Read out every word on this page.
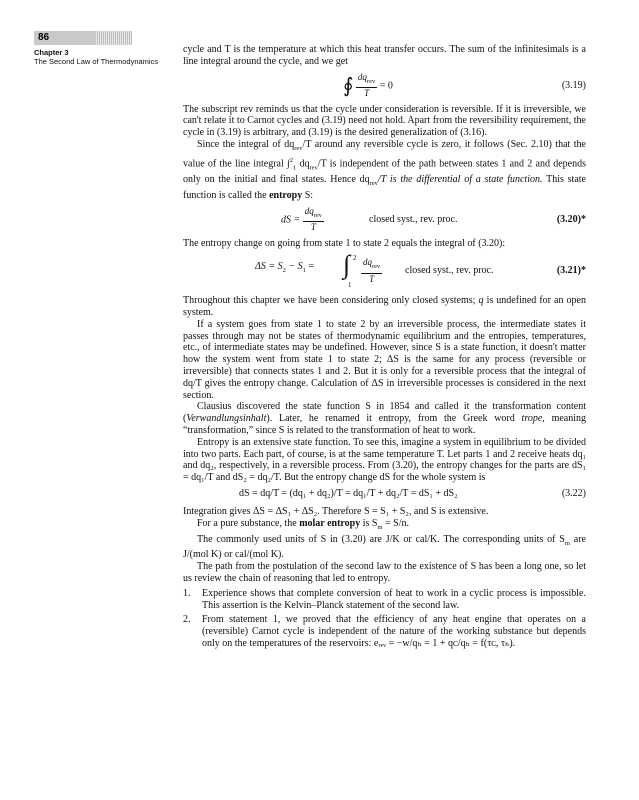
86
Chapter 3
The Second Law of Thermodynamics

cycle and T is the temperature at which this heat transfer occurs. The sum of the infinitesimals is a line integral around the cycle, and we get

∮ $\frac{dq_{rev}}{T} = 0$	(3.19)

The subscript rev reminds us that the cycle under consideration is reversible. If it is irreversible, we can't relate it to Carnot cycles and (3.19) need not hold. Apart from the reversibility requirement, the cycle in (3.19) is arbitrary, and (3.19) is the desired generalization of (3.16).

Since the integral of $dq_{rev}/T$ around any reversible cycle is zero, it follows (Sec. 2.10) that the value of the line integral ∫$^2_1$ $dq_{rev}/T$ is independent of the path between states 1 and 2 and depends only on the initial and final states. Hence $dq_{rev}/T$ is the differential of a state function. This state function is called the entropy S:

dS = $\frac{dq_{rev}}{T}$	closed syst., rev. proc.	(3.20)*

The entropy change on going from state 1 to state 2 equals the integral of (3.20):

$\Delta S = S_2 - S_1$ = ∫ 2
$1 \frac{dq_{rev}}{T}$ closed syst., rev. proc.	(3.21)*

Throughout this chapter we have been considering only closed systems; q is undefined for an open system.

If a system goes from state 1 to state 2 by an irreversible process, the intermediate states it passes through may not be states of thermodynamic equilibrium and the entropies, temperatures, etc., of intermediate states may be undefined. However, since S is a state function, it doesn't matter how the system went from state 1 to state 2; ΔS is the same for any process (reversible or irreversible) that connects states 1 and 2. But it is only for a reversible process that the integral of dq/T gives the entropy change. Calculation of ΔS in irreversible processes is considered in the next section.

Clausius discovered the state function S in 1854 and called it the transformation content (Verwandlungsinhalt). Later, he renamed it entropy, from the Greek word trope, meaning “transformation,” since S is related to the transformation of heat to work.

Entropy is an extensive state function. To see this, imagine a system in equilibrium to be divided into two parts. Each part, of course, is at the same temperature T. Let parts 1 and 2 receive heats dq₁ and dq₂, respectively, in a reversible process. From (3.20), the entropy changes for the parts are dS₁ = dq₁/T and dS₂ = dq₂/T. But the entropy change dS for the whole system is

dS = dq/T = (dq₁ + dq₂)/T = dq₁/T + dq₂/T = dS₁ + dS₂	(3.22)

Integration gives ΔS = ΔS₁ + ΔS₂. Therefore S = S₁ + S₂, and S is extensive.

For a pure substance, the molar entropy is $S_m = S/n$.

The commonly used units of S in (3.20) are J/K or cal/K. The corresponding units of $S_m$ are J/(mol K) or cal/(mol K).

The path from the postulation of the second law to the existence of S has been a long one, so let us review the chain of reasoning that led to entropy.

1. Experience shows that complete conversion of heat to work in a cyclic process is impossible. This assertion is the Kelvin–Planck statement of the second law.
2. From statement 1, we proved that the efficiency of any heat engine that operates on a (reversible) Carnot cycle is independent of the nature of the working substance but depends only on the temperatures of the reservoirs: eᵣₑᵥ = −w/qₕ = 1 + qᴄ/qₕ = f(τᴄ, τₕ).
